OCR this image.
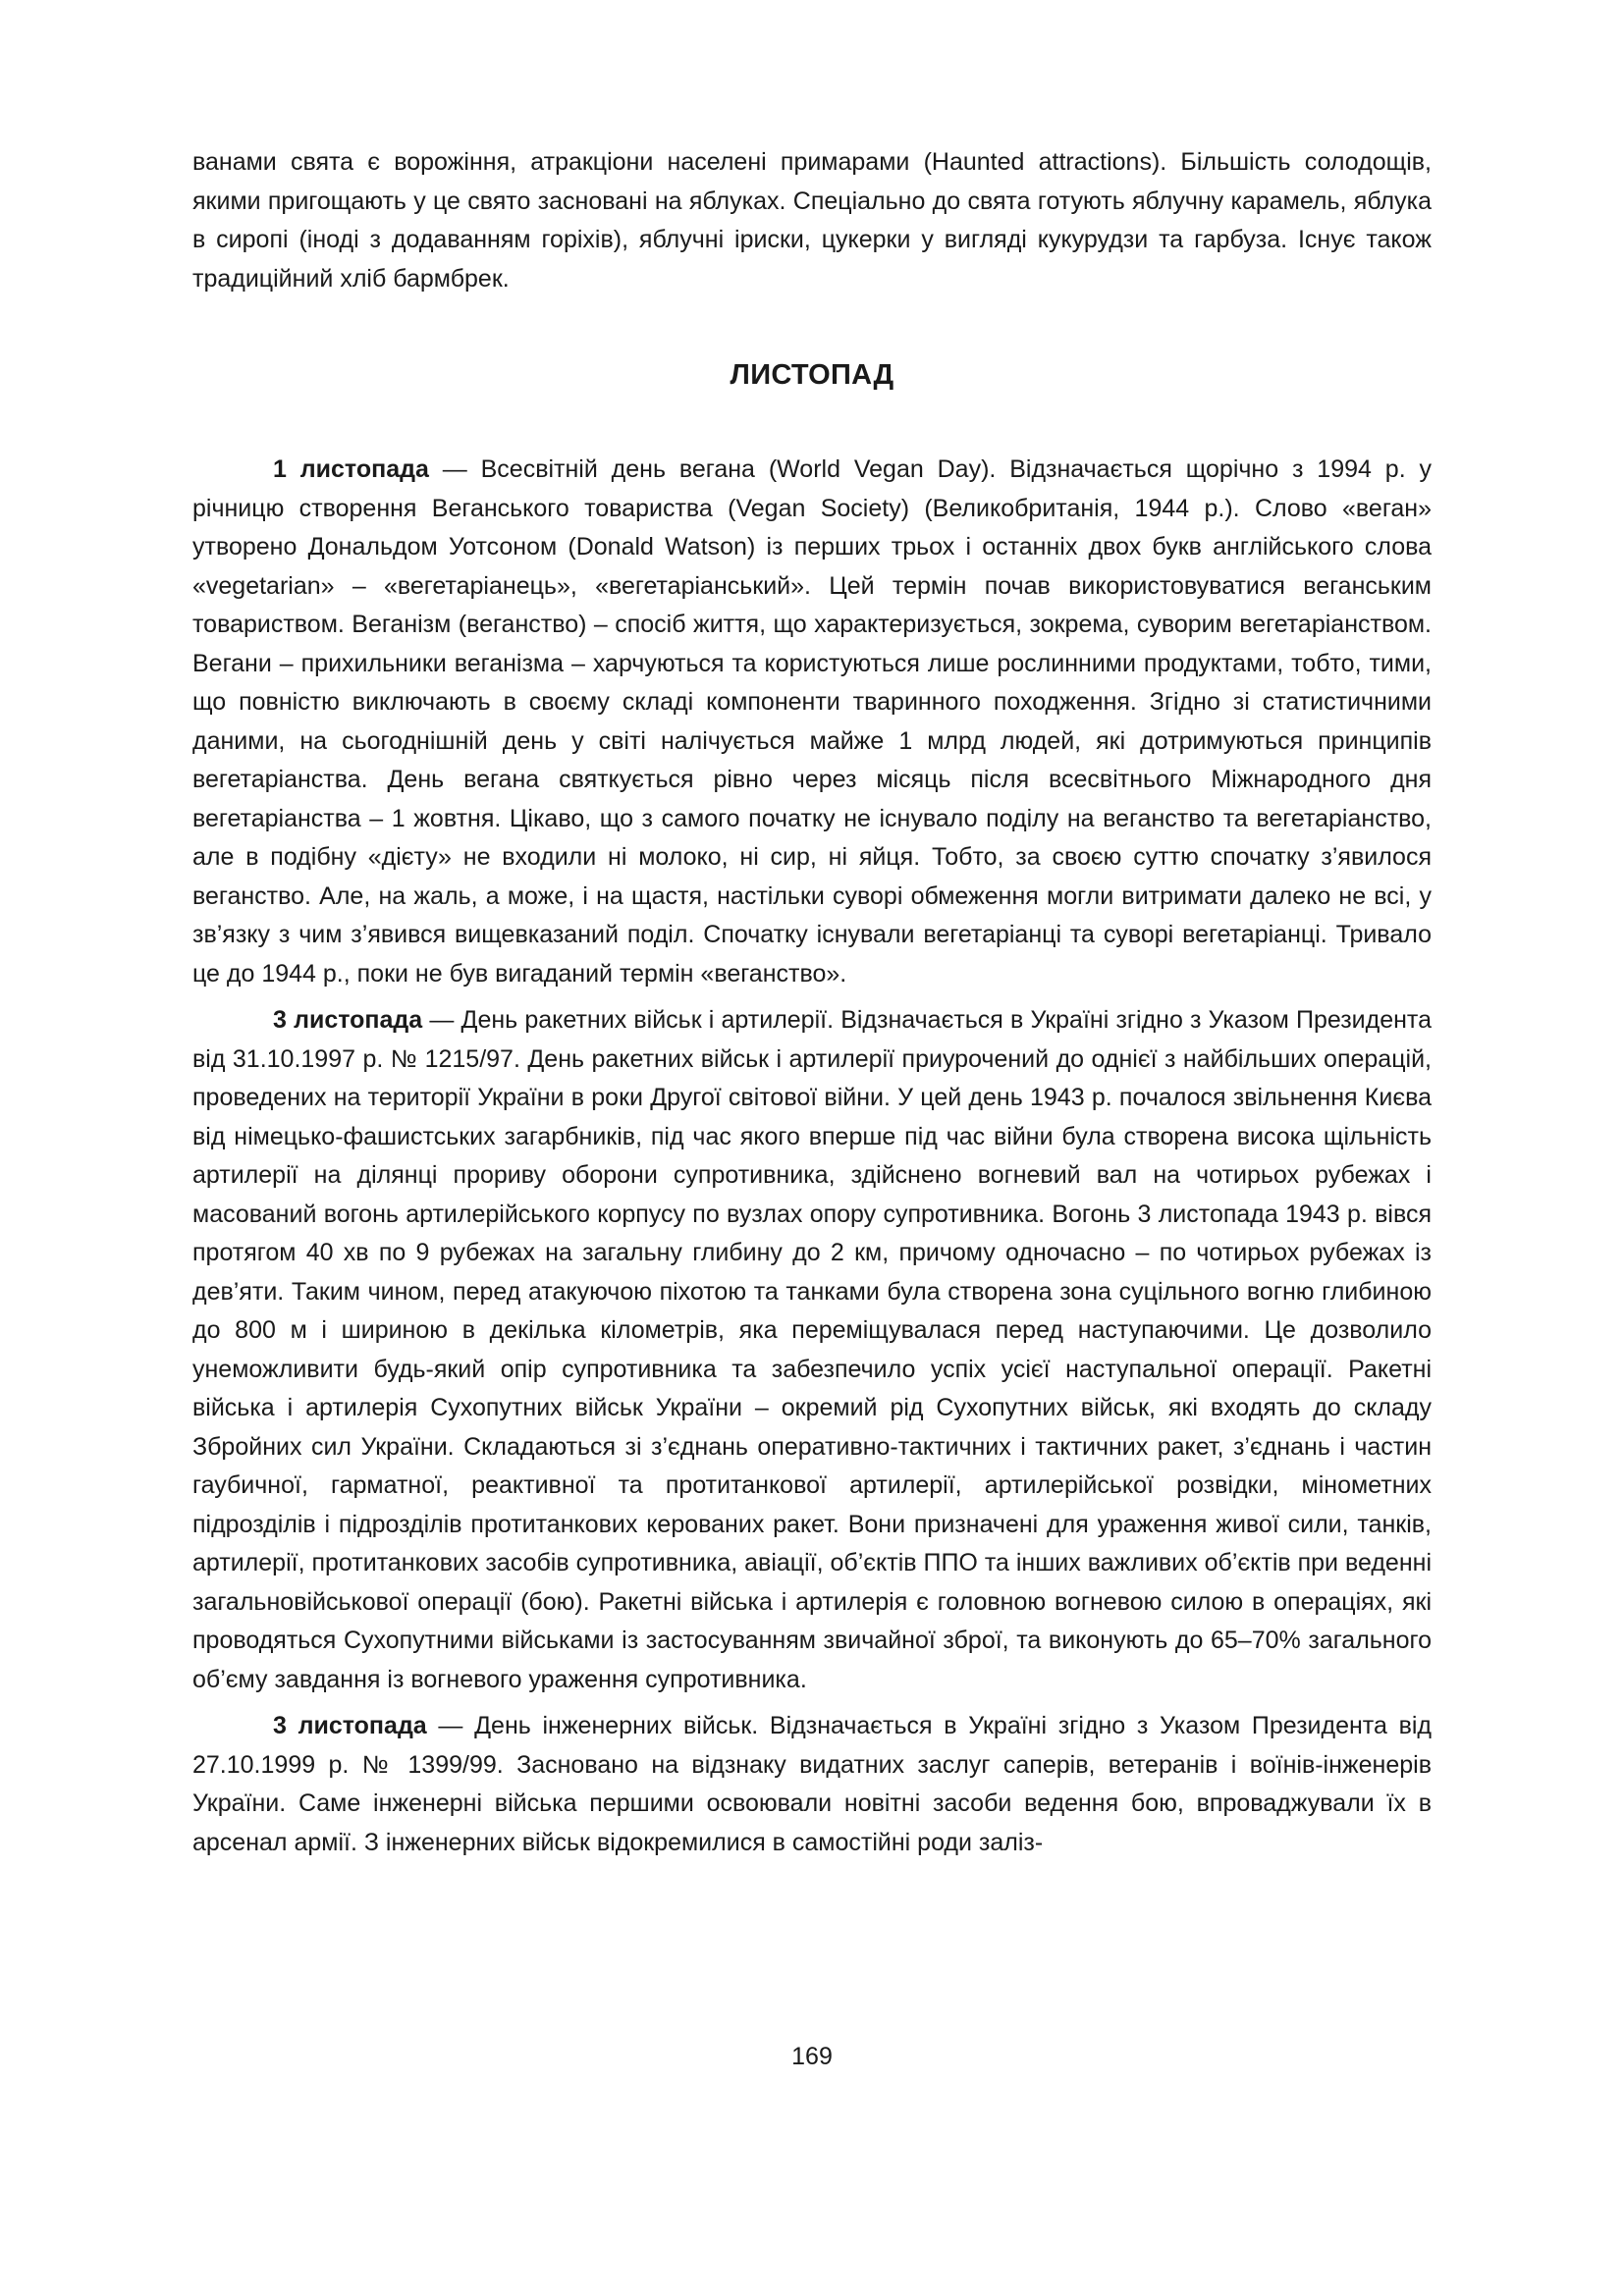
ванами свята є ворожіння, атракціони населені примарами (Haunted attractions). Більшість солодощів, якими пригощають у це свято засновані на яблуках. Спеціально до свята готують яблучну карамель, яблука в сиропі (іноді з додаванням горіхів), яблучні іриски, цукерки у вигляді кукурудзи та гарбуза. Існує також традиційний хліб бармбрек.

ЛИСТОПАД

1 листопада — Всесвітній день вегана (World Vegan Day). Відзначається щорічно з 1994 р. у річницю створення Веганського товариства (Vegan Society) (Великобританія, 1944 р.). Слово «веган» утворено Дональдом Уотсоном (Donald Watson) із перших трьох і останніх двох букв англійського слова «vegetarian» – «вегетаріанець», «вегетаріанський». Цей термін почав використовуватися веганським товариством. Веганізм (веганство) – спосіб життя, що характеризується, зокрема, суворим вегетаріанством. Вегани – прихильники веганізма – харчуються та користуються лише рослинними продуктами, тобто, тими, що повністю виключають в своєму складі компоненти тваринного походження. Згідно зі статистичними даними, на сьогоднішній день у світі налічується майже 1 млрд людей, які дотримуються принципів вегетаріанства. День вегана святкується рівно через місяць після всесвітнього Міжнародного дня вегетаріанства – 1 жовтня. Цікаво, що з самого початку не існувало поділу на веганство та вегетаріанство, але в подібну «дієту» не входили ні молоко, ні сир, ні яйця. Тобто, за своєю суттю спочатку з’явилося веганство. Але, на жаль, а може, і на щастя, настільки суворі обмеження могли витримати далеко не всі, у зв’язку з чим з’явився вищевказаний поділ. Спочатку існували вегетаріанці та суворі вегетаріанці. Тривало це до 1944 р., поки не був вигаданий термін «веганство».

3 листопада — День ракетних військ і артилерії. Відзначається в Україні згідно з Указом Президента від 31.10.1997 р. № 1215/97. День ракетних військ і артилерії приурочений до однієї з найбільших операцій, проведених на території України в роки Другої світової війни. У цей день 1943 р. почалося звільнення Києва від німецько-фашистських загарбників, під час якого вперше під час війни була створена висока щільність артилерії на ділянці прориву оборони супротивника, здійснено вогневий вал на чотирьох рубежах і масований вогонь артилерійського корпусу по вузлах опору супротивника. Вогонь 3 листопада 1943 р. вівся протягом 40 хв по 9 рубежах на загальну глибину до 2 км, причому одночасно – по чотирьох рубежах із дев’яти. Таким чином, перед атакуючою піхотою та танками була створена зона суцільного вогню глибиною до 800 м і шириною в декілька кілометрів, яка переміщувалася перед наступаючими. Це дозволило унеможливити будь-який опір супротивника та забезпечило успіх усієї наступальної операції. Ракетні війська і артилерія Сухопутних військ України – окремий рід Сухопутних військ, які входять до складу Збройних сил України. Складаються зі з’єднань оперативно-тактичних і тактичних ракет, з’єднань і частин гаубичної, гарматної, реактивної та протитанкової артилерії, артилерійської розвідки, мінометних підрозділів і підрозділів протитанкових керованих ракет. Вони призначені для ураження живої сили, танків, артилерії, протитанкових засобів супротивника, авіації, об’єктів ППО та інших важливих об’єктів при веденні загальновійськової операції (бою). Ракетні війська і артилерія є головною вогневою силою в операціях, які проводяться Сухопутними військами із застосуванням звичайної зброї, та виконують до 65–70% загального об’єму завдання із вогневого ураження супротивника.

3 листопада — День інженерних військ. Відзначається в Україні згідно з Указом Президента від 27.10.1999 р. № 1399/99. Засновано на відзнаку видатних заслуг саперів, ветеранів і воїнів-інженерів України. Саме інженерні війська першими освоювали новітні засоби ведення бою, впроваджували їх в арсенал армії. З інженерних військ відокремилися в самостійні роди заліз-

169
